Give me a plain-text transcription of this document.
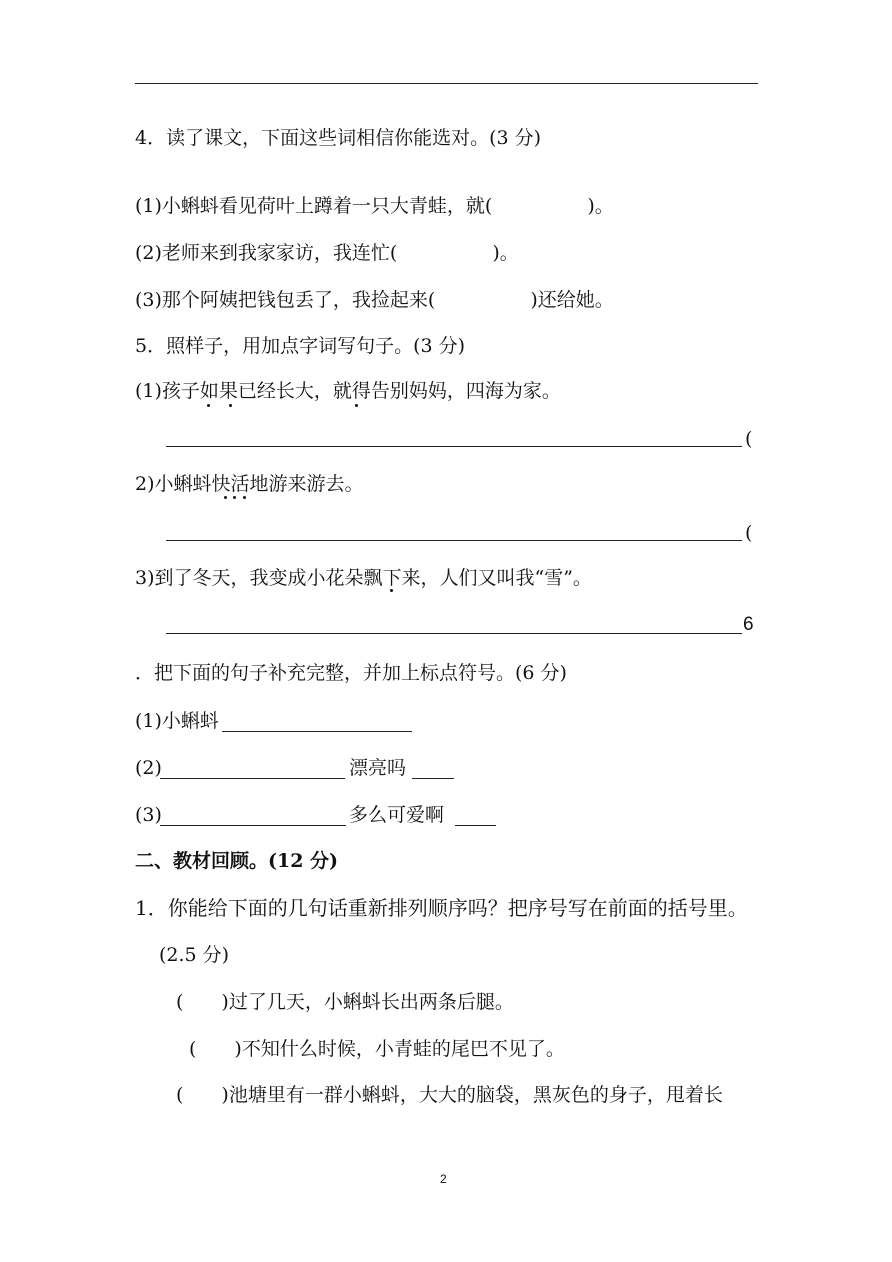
4．读了课文，下面这些词相信你能选对。(3 分)
(1)小蝌蚪看见荷叶上蹲着一只大青蛙，就(　　　　　)。
(2)老师来到我家家访，我连忙(　　　　　)。
(3)那个阿姨把钱包丢了，我捡起来(　　　　　)还给她。
5．照样子，用加点字词写句子。(3 分)
(1)孩子如果已经长大，就得告别妈妈，四海为家。
(
2)小蝌蚪快活地游来游去。
(
3)到了冬天，我变成小花朵飘下来，人们又叫我“雪”。
6
．把下面的句子补充完整，并加上标点符号。(6 分)
(1)小蝌蚪
(2)	漂亮吗
(3)	多么可爱啊
二、教材回顾。(12 分)
1．你能给下面的几句话重新排列顺序吗？把序号写在前面的括号里。
(2.5 分)
(　　)过了几天，小蝌蚪长出两条后腿。
(　　)不知什么时候，小青蛙的尾巴不见了。
(　　)池塘里有一群小蝌蚪，大大的脑袋，黑灰色的身子，甩着长
2
